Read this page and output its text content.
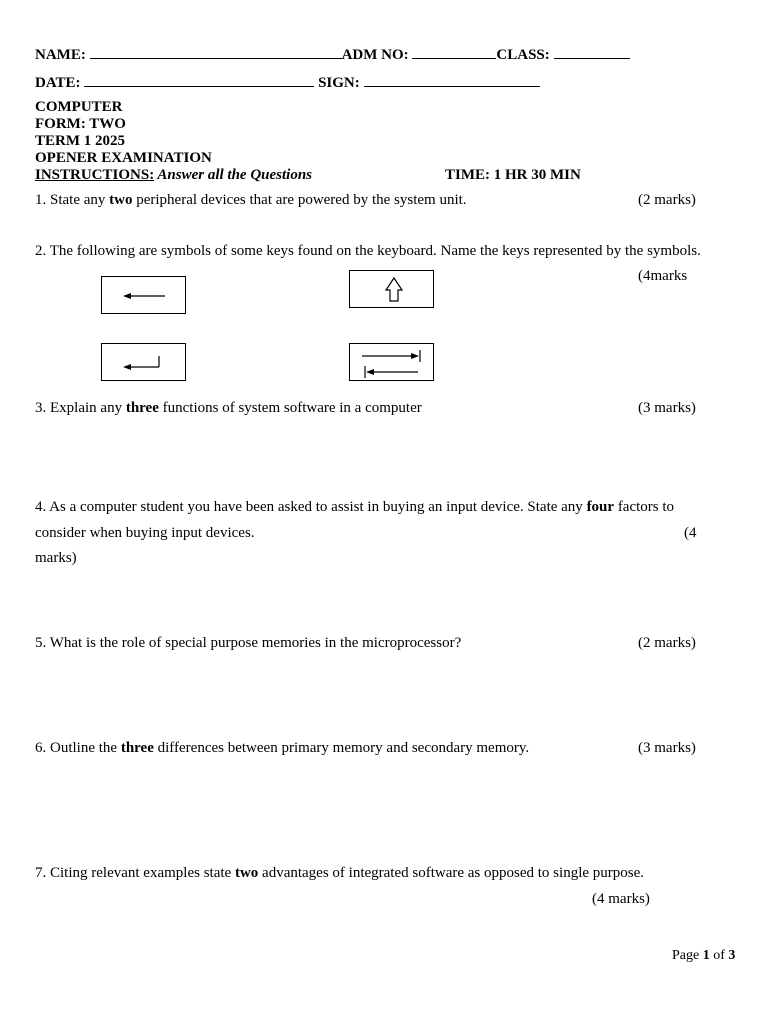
NAME:	ADM NO:	CLASS:
DATE:	SIGN:
COMPUTER
FORM: TWO
TERM 1 2025
OPENER EXAMINATION
INSTRUCTIONS: Answer all the Questions	TIME: 1 HR 30 MIN
1. State any two peripheral devices that are powered by the system unit.	(2 marks)
2. The following are symbols of some keys found on the keyboard. Name the keys represented by the symbols.
(4marks
3. Explain any three functions of system software in a computer	(3 marks)
4. As a computer student you have been asked to assist in buying an input device. State any four factors to
consider when buying input devices.	(4
marks)
5. What is the role of special purpose memories in the microprocessor?	(2 marks)
6. Outline the three differences between primary memory and secondary memory.	(3 marks)
7. Citing relevant examples state two advantages of integrated software as opposed to single purpose.
(4 marks)
Page 1 of 3
